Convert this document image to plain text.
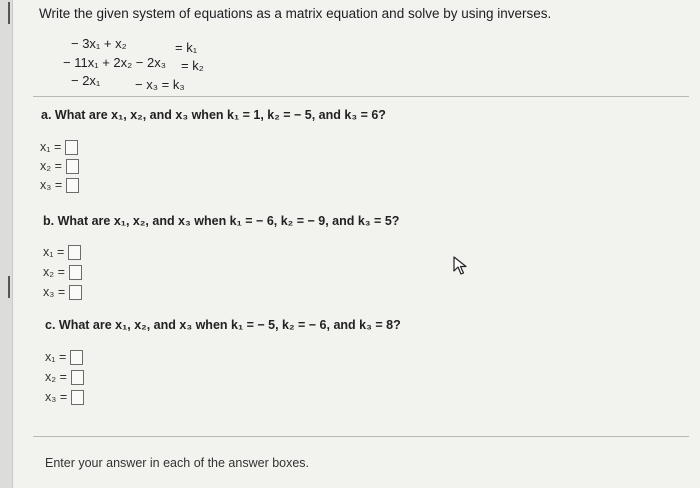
Write the given system of equations as a matrix equation and solve by using inverses.
− 3x₁ + x₂	= k₁
− 11x₁ + 2x₂ − 2x₃ = k₂
− 2x₁	− x₃ = k₃
a. What are x₁, x₂, and x₃ when k₁ = 1, k₂ = − 5, and k₃ = 6?
x₁ =
x₂ =
x₃ =
b. What are x₁, x₂, and x₃ when k₁ = − 6, k₂ = − 9, and k₃ = 5?
x₁ =
x₂ =
x₃ =
c. What are x₁, x₂, and x₃ when k₁ = − 5, k₂ = − 6, and k₃ = 8?
x₁ =
x₂ =
x₃ =
Enter your answer in each of the answer boxes.
